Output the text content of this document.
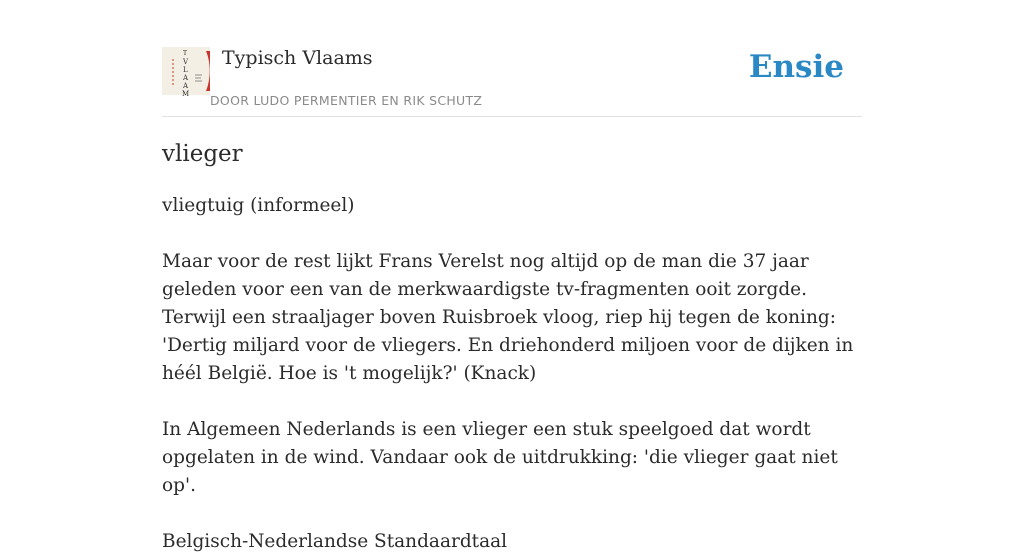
T
V
L
A
A
M
Typisch Vlaams
DOOR LUDO PERMENTIER EN RIK SCHUTZ
Ensie
vlieger

vliegtuig (informeel)

Maar voor de rest lijkt Frans Verelst nog altijd op de man die 37 jaar geleden voor een van de merkwaardigste tv-fragmenten ooit zorgde. Terwijl een straaljager boven Ruisbroek vloog, riep hij tegen de koning: 'Dertig miljard voor de vliegers. En driehonderd miljoen voor de dijken in héél België. Hoe is 't mogelijk?' (Knack)

In Algemeen Nederlands is een vlieger een stuk speelgoed dat wordt opgelaten in de wind. Vandaar ook de uitdrukking: 'die vlieger gaat niet op'.

Belgisch-Nederlandse Standaardtaal
